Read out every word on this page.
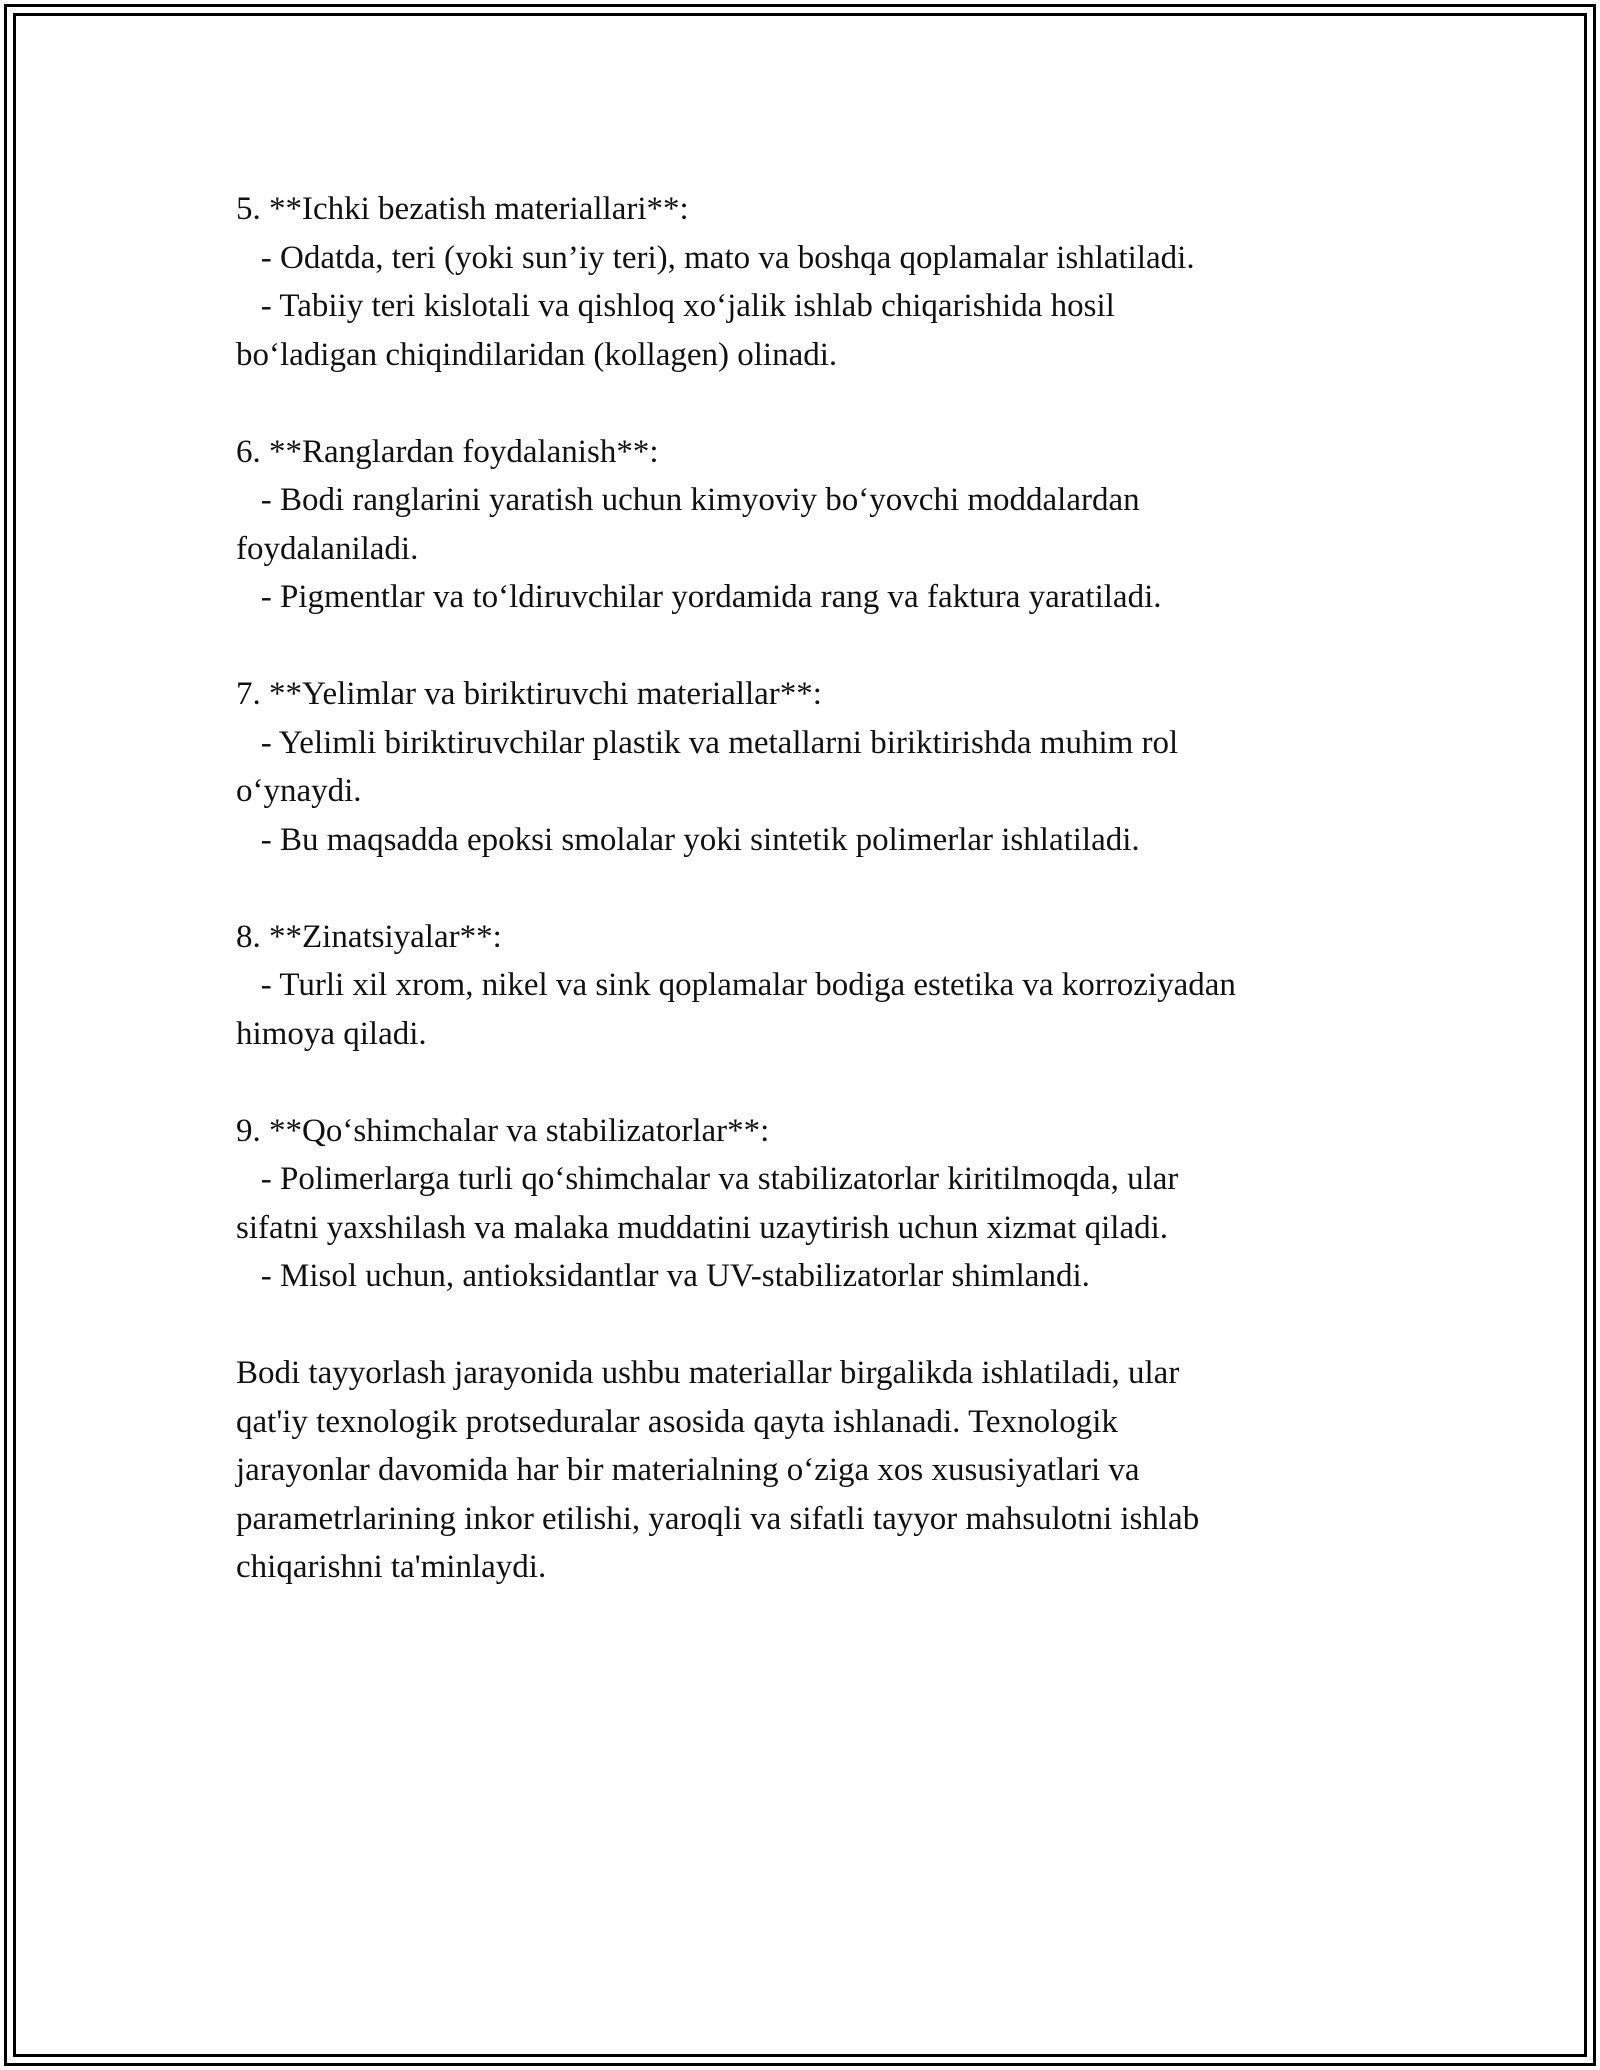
5. **Ichki bezatish materiallari**:

- Odatda, teri (yoki sun’iy teri), mato va boshqa qoplamalar ishlatiladi.

- Tabiiy teri kislotali va qishloq xo‘jalik ishlab chiqarishida hosil

bo‘ladigan chiqindilaridan (kollagen) olinadi.

6. **Ranglardan foydalanish**:

- Bodi ranglarini yaratish uchun kimyoviy bo‘yovchi moddalardan

foydalaniladi.

- Pigmentlar va to‘ldiruvchilar yordamida rang va faktura yaratiladi.

7. **Yelimlar va biriktiruvchi materiallar**:

- Yelimli biriktiruvchilar plastik va metallarni biriktirishda muhim rol

o‘ynaydi.

- Bu maqsadda epoksi smolalar yoki sintetik polimerlar ishlatiladi.

8. **Zinatsiyalar**:

- Turli xil xrom, nikel va sink qoplamalar bodiga estetika va korroziyadan

himoya qiladi.

9. **Qo‘shimchalar va stabilizatorlar**:

- Polimerlarga turli qo‘shimchalar va stabilizatorlar kiritilmoqda, ular

sifatni yaxshilash va malaka muddatini uzaytirish uchun xizmat qiladi.

- Misol uchun, antioksidantlar va UV-stabilizatorlar shimlandi.

Bodi tayyorlash jarayonida ushbu materiallar birgalikda ishlatiladi, ular

qat'iy texnologik protseduralar asosida qayta ishlanadi. Texnologik

jarayonlar davomida har bir materialning o‘ziga xos xususiyatlari va

parametrlarining inkor etilishi, yaroqli va sifatli tayyor mahsulotni ishlab

chiqarishni ta'minlaydi.
